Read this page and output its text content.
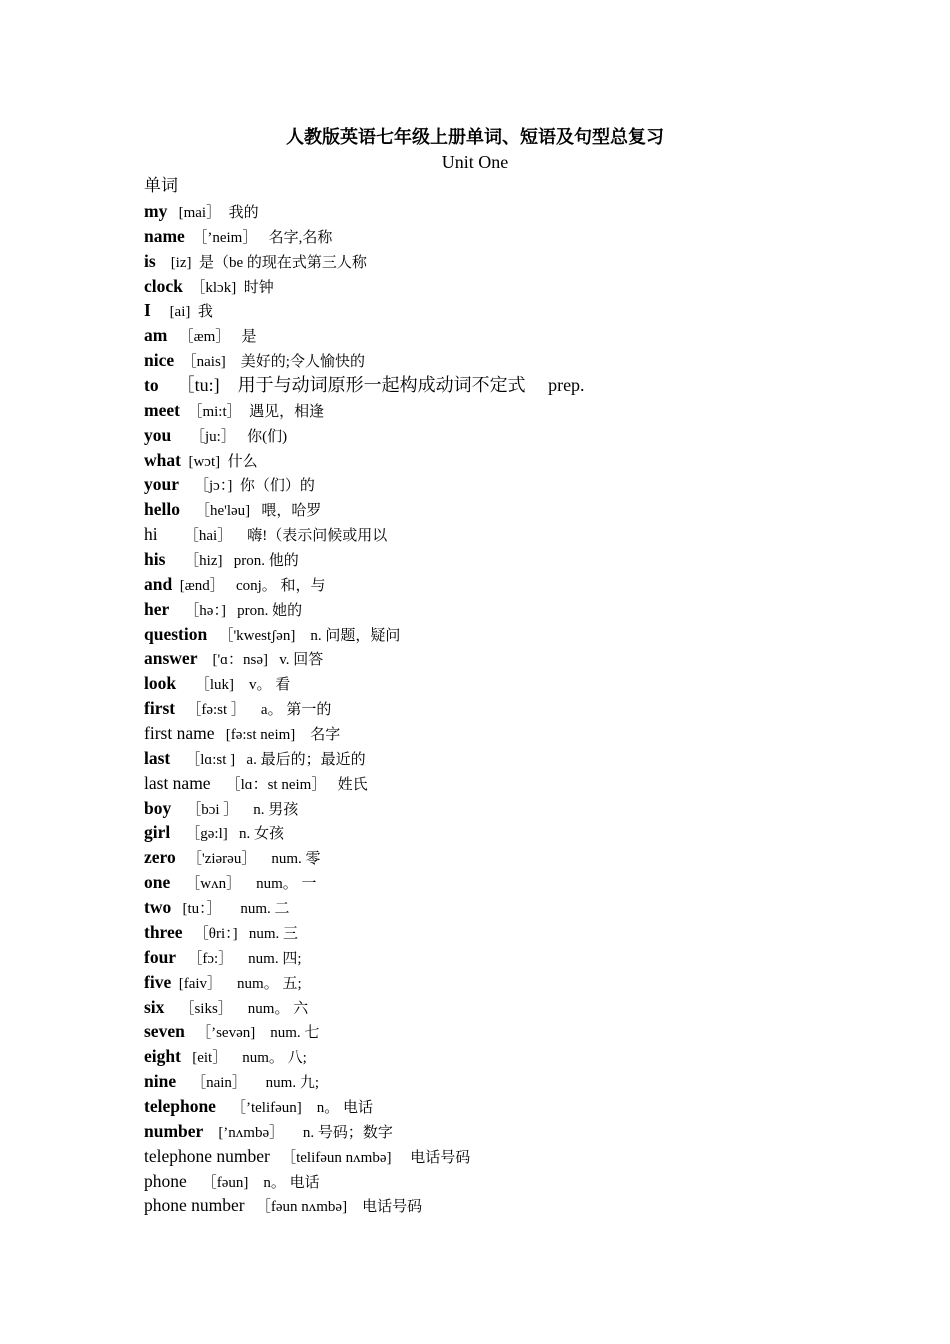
人教版英语七年级上册单词、短语及句型总复习
Unit One
单词
my   [mai］  我的
name  ［’neim］   名字,名称
is    [iz]  是（be 的现在式第三人称
clock  ［klɔk]  时钟
I     [ai]  我
am   ［æm］   是
nice  ［nais]    美好的;令人愉快的
to    ［tu:]    用于与动词原形一起构成动词不定式     prep.
meet  ［mi:t］  遇见，相逢
you     ［ju:］   你(们)
what  [wɔt]  什么
your    ［jɔ：]  你（们）的
hello    ［he'ləu]   喂，哈罗
hi       ［hai］    嗨!（表示问候或用以
his     ［hiz]   pron. 他的
and  [ænd］   conj。 和，与
her    ［hə：]   pron. 她的
question   ［'kwestʃən]    n. 问题，疑问
answer    ['ɑ：nsə]   v. 回答
look     ［luk]    v。 看
first   ［fə:st ］    a。 第一的
first name   [fə:st neim]    名字
last    ［lɑ:st ]   a. 最后的；最近的
last name    ［lɑ：st neim］   姓氏
boy    ［bɔi ］    n. 男孩
girl    ［gə:l]   n. 女孩
zero   ［'ziərəu］    num. 零
one    ［wʌn］    num。 一
two   [tu：］     num. 二
three   ［θri：]   num. 三
four   ［fɔ:］    num. 四;
five  [faiv］    num。 五;
six    ［siks］    num。 六
seven   ［’sevən]    num. 七
eight   [eit］    num。 八;
nine    ［nain］     num. 九;
telephone    ［’telifəun]    n。 电话
number    [’nʌmbə］     n. 号码；数字
telephone number   ［telifəun nʌmbə]     电话号码
phone    ［fəun]    n。 电话
phone number   ［fəun nʌmbə]    电话号码
